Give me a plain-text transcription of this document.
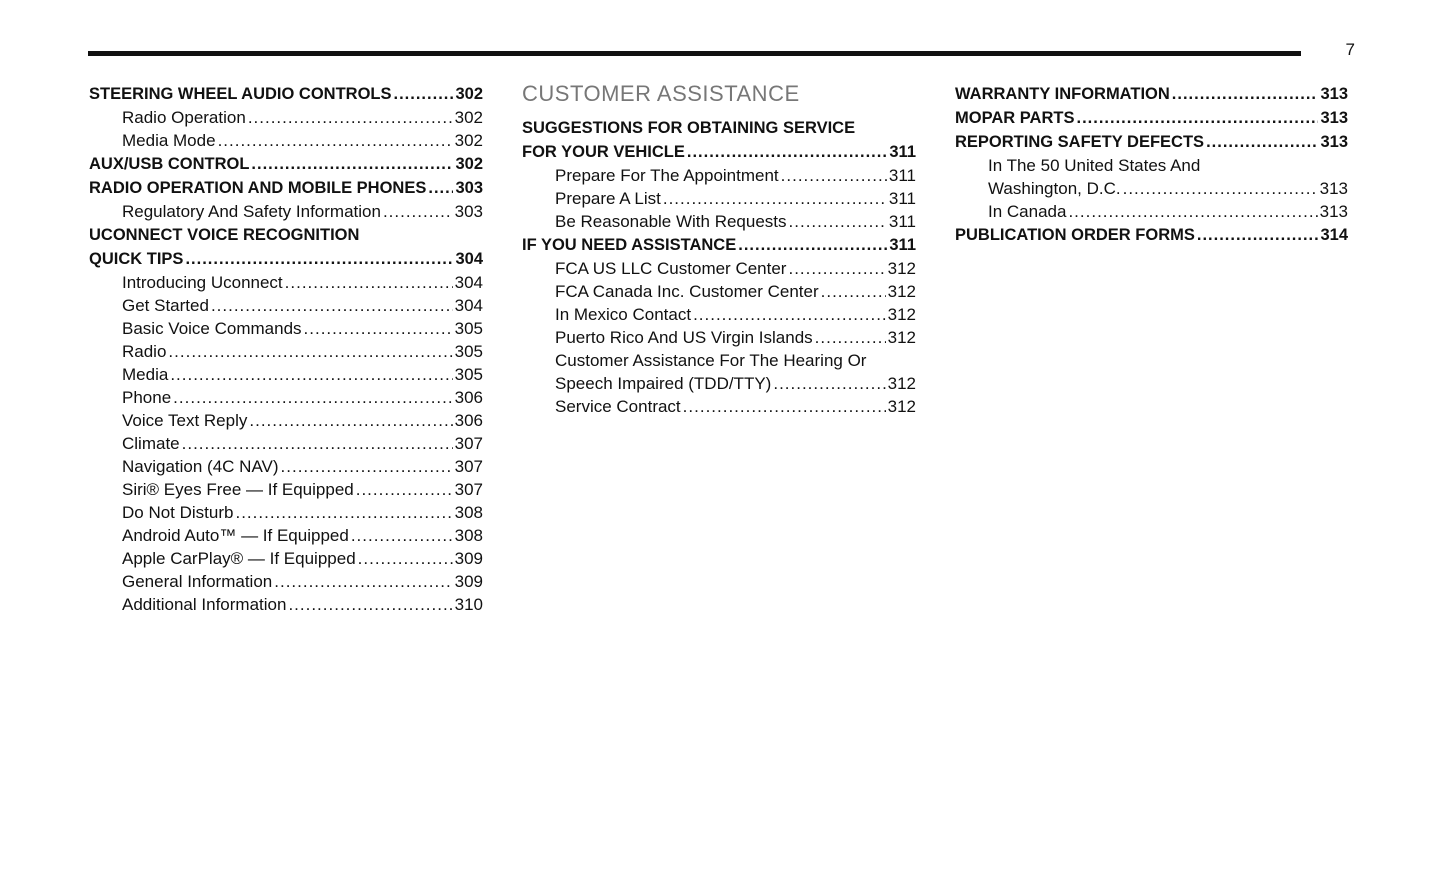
7
STEERING WHEEL AUDIO CONTROLS .....	302
Radio Operation .....	302
Media Mode .....	302
AUX/USB CONTROL .....	302
RADIO OPERATION AND MOBILE PHONES ..... 303
Regulatory And Safety Information .....	303
UCONNECT VOICE RECOGNITION
QUICK TIPS .....	304
Introducing Uconnect .....	304
Get Started .....	304
Basic Voice Commands .....	305
Radio .....	305
Media .....	305
Phone .....	306
Voice Text Reply .....	306
Climate .....	307
Navigation (4C NAV) .....	307
Siri® Eyes Free — If Equipped .....	307
Do Not Disturb .....	308
Android Auto™ — If Equipped .....	308
Apple CarPlay® — If Equipped .....	309
General Information .....	309
Additional Information .....	310
CUSTOMER ASSISTANCE
SUGGESTIONS FOR OBTAINING SERVICE
FOR YOUR VEHICLE .....	311
Prepare For The Appointment .....	311
Prepare A List .....	311
Be Reasonable With Requests .....	311
IF YOU NEED ASSISTANCE .....	311
FCA US LLC Customer Center .....	312
FCA Canada Inc. Customer Center .....	312
In Mexico Contact .....	312
Puerto Rico And US Virgin Islands .....	312
Customer Assistance For The Hearing Or
Speech Impaired (TDD/TTY) .....	312
Service Contract .....	312
WARRANTY INFORMATION .....	313
MOPAR PARTS .....	313
REPORTING SAFETY DEFECTS .....	313
In The 50 United States And
Washington, D.C. .....	313
In Canada .....	313
PUBLICATION ORDER FORMS .....	314
